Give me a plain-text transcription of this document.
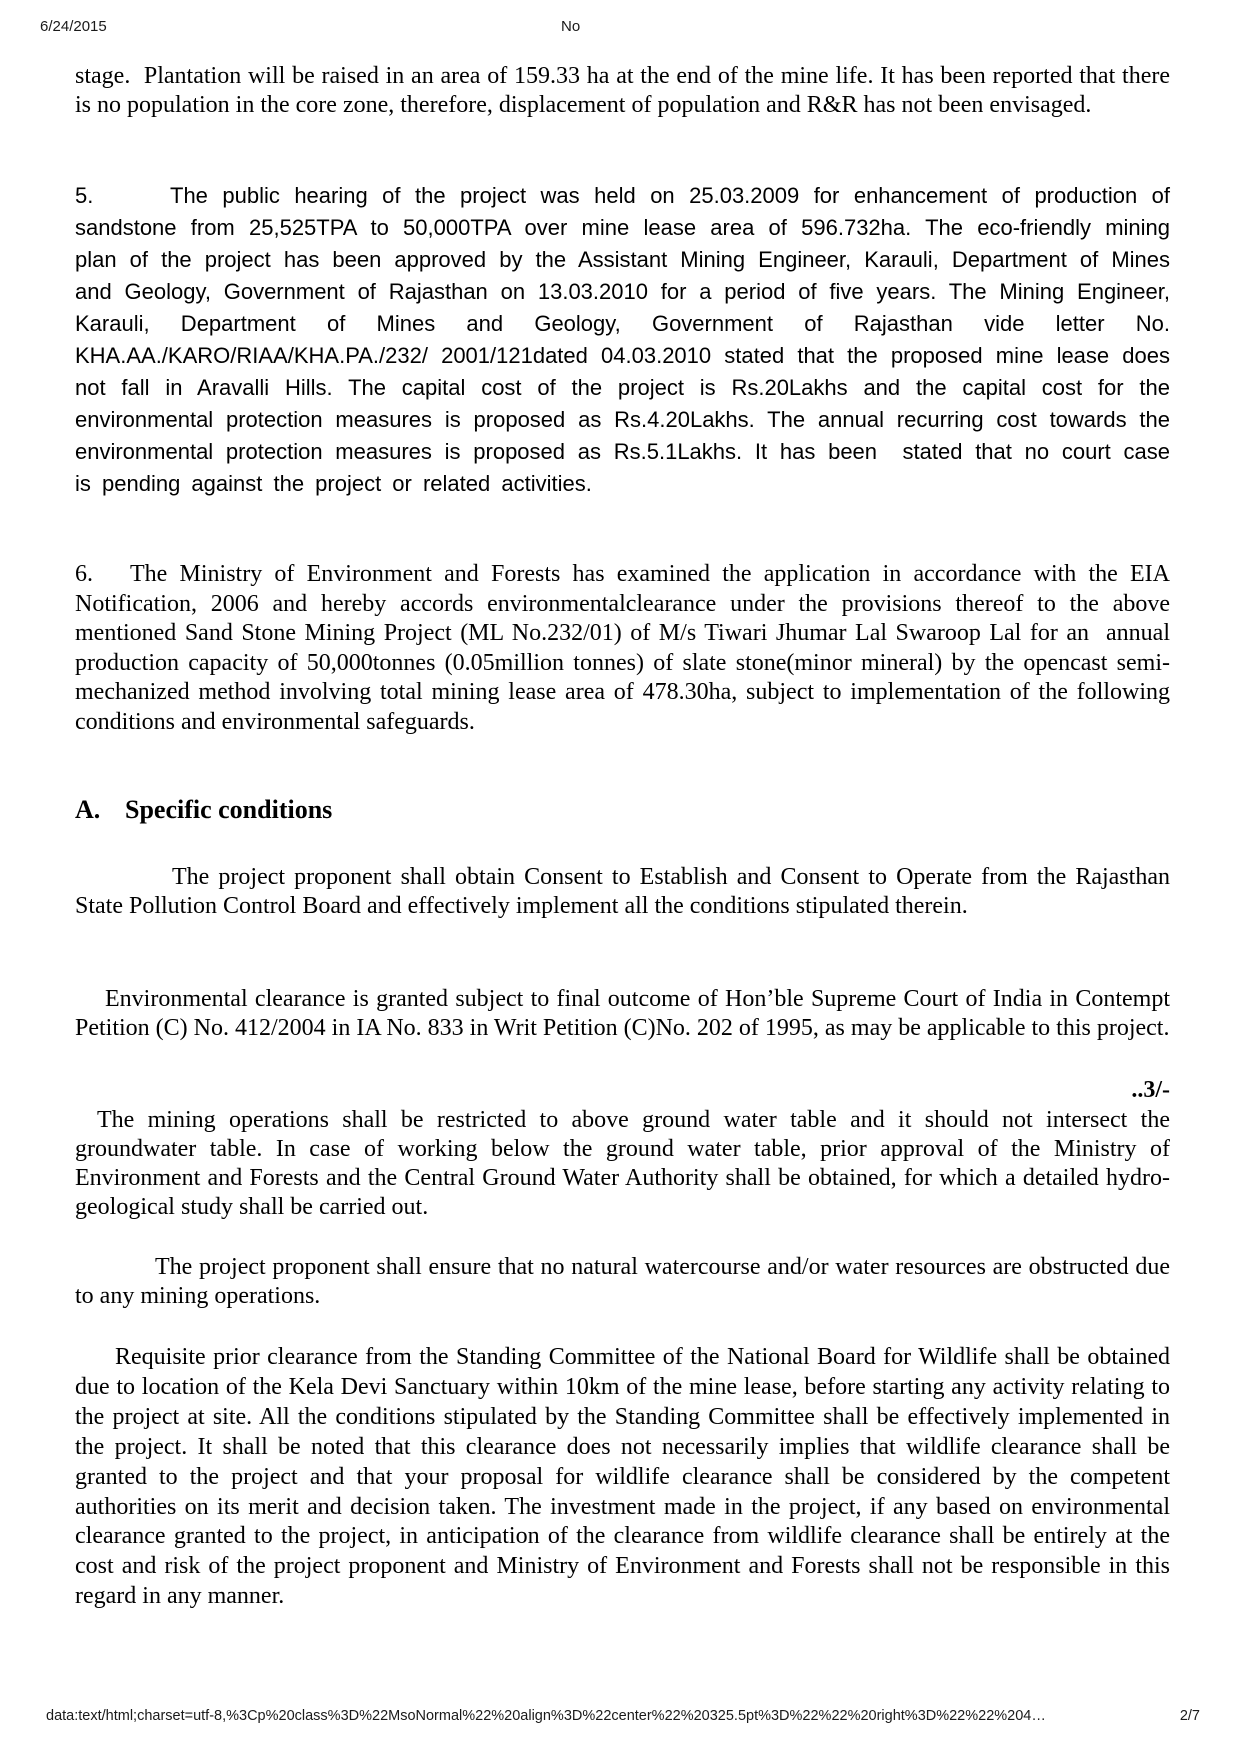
6/24/2015	No

stage.  Plantation will be raised in an area of 159.33 ha at the end of the mine life. It has been reported that there is no population in the core zone, therefore, displacement of population and R&R has not been envisaged.

5.	The public hearing of the project was held on 25.03.2009 for enhancement of production of sandstone from 25,525TPA to 50,000TPA over mine lease area of 596.732ha. The eco-friendly mining plan of the project has been approved by the Assistant Mining Engineer, Karauli, Department of Mines and Geology, Government of Rajasthan on 13.03.2010 for a period of five years. The Mining Engineer, Karauli, Department of Mines and Geology, Government of Rajasthan vide letter No. KHA.AA./KARO/RIAA/KHA.PA./232/ 2001/121dated 04.03.2010 stated that the proposed mine lease does not fall in Aravalli Hills. The capital cost of the project is Rs.20Lakhs and the capital cost for the environmental protection measures is proposed as Rs.4.20Lakhs. The annual recurring cost towards the environmental protection measures is proposed as Rs.5.1Lakhs. It has been  stated that no court case is pending against the project or related activities.

6. The Ministry of Environment and Forests has examined the application in accordance with the EIA Notification, 2006 and hereby accords environmentalclearance under the provisions thereof to the above mentioned Sand Stone Mining Project (ML No.232/01) of M/s Tiwari Jhumar Lal Swaroop Lal for an  annual  production capacity of 50,000tonnes (0.05million tonnes) of slate stone(minor mineral) by the opencast semi-mechanized method involving total mining lease area of 478.30ha, subject to implementation of the following conditions and environmental safeguards.

A. Specific conditions

The project proponent shall obtain Consent to Establish and Consent to Operate from the Rajasthan State Pollution Control Board and effectively implement all the conditions stipulated therein.

Environmental clearance is granted subject to final outcome of Hon’ble Supreme Court of India in Contempt Petition (C) No. 412/2004 in IA No. 833 in Writ Petition (C)No. 202 of 1995, as may be applicable to this project.

..3/-

The mining operations shall be restricted to above ground water table and it should not intersect the groundwater table. In case of working below the ground water table, prior approval of the Ministry of Environment and Forests and the Central Ground Water Authority shall be obtained, for which a detailed hydro-geological study shall be carried out.

The project proponent shall ensure that no natural watercourse and/or water resources are obstructed due to any mining operations.

Requisite prior clearance from the Standing Committee of the National Board for Wildlife shall be obtained due to location of the Kela Devi Sanctuary within 10km of the mine lease, before starting any activity relating to the project at site. All the conditions stipulated by the Standing Committee shall be effectively implemented in the project. It shall be noted that this clearance does not necessarily implies that wildlife clearance shall be granted to the project and that your proposal for wildlife clearance shall be considered by the competent authorities on its merit and decision taken. The investment made in the project, if any based on environmental clearance granted to the project, in anticipation of the clearance from wildlife clearance shall be entirely at the cost and risk of the project proponent and Ministry of Environment and Forests shall not be responsible in this regard in any manner.

data:text/html;charset=utf-8,%3Cp%20class%3D%22MsoNormal%22%20align%3D%22center%22%20325.5pt%3D%22%22%20right%3D%22%22%204…	2/7
